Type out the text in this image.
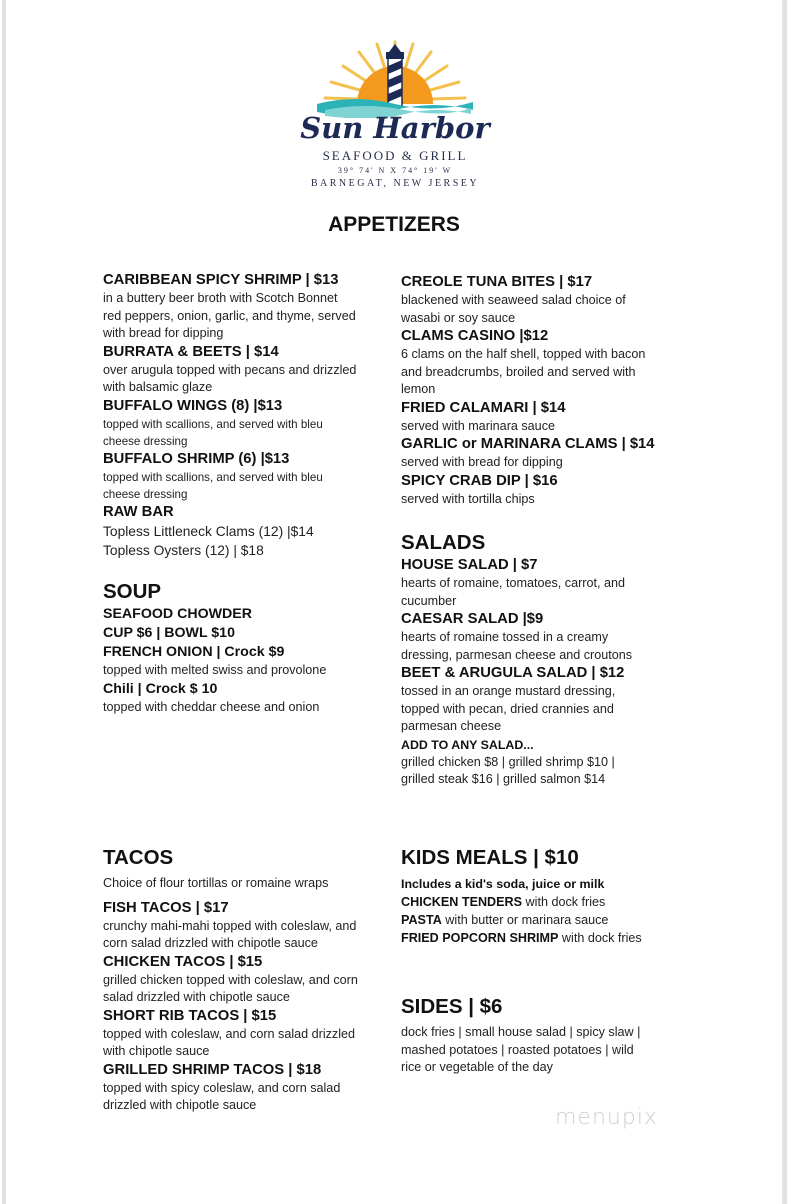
Sun Harbor
SEAFOOD & GRILL
39° 74' N X 74° 19' W
BARNEGAT, NEW JERSEY
APPETIZERS
CARIBBEAN SPICY SHRIMP | $13
in a buttery beer broth with Scotch Bonnet
red peppers, onion, garlic, and thyme, served
with bread for dipping
BURRATA & BEETS | $14
over arugula topped with pecans and drizzled
with balsamic glaze
BUFFALO WINGS (8) |$13
topped with scallions, and served with bleu
cheese dressing
BUFFALO SHRIMP (6) |$13
topped with scallions, and served with bleu
cheese dressing
RAW BAR
Topless Littleneck Clams (12) |$14
Topless Oysters (12) | $18
CREOLE TUNA BITES | $17
blackened with seaweed salad choice of
wasabi or soy sauce
CLAMS CASINO |$12
6 clams on the half shell, topped with bacon
and breadcrumbs, broiled and served with
lemon
FRIED CALAMARI | $14
served with marinara sauce
GARLIC or MARINARA CLAMS | $14
served with bread for dipping
SPICY CRAB DIP | $16
served with tortilla chips
SOUP
SEAFOOD CHOWDER
CUP $6 | BOWL $10
FRENCH ONION | Crock $9
topped with melted swiss and provolone
Chili | Crock $ 10
topped with cheddar cheese and onion
SALADS
HOUSE SALAD | $7
hearts of romaine, tomatoes, carrot, and
cucumber
CAESAR SALAD |$9
hearts of romaine tossed in a creamy
dressing, parmesan cheese and croutons
BEET & ARUGULA SALAD | $12
tossed in an orange mustard dressing,
topped with pecan, dried crannies and
parmesan cheese
ADD TO ANY SALAD...
grilled chicken $8 | grilled shrimp $10 |
grilled steak $16 | grilled salmon $14
TACOS
Choice of flour tortillas or romaine wraps
FISH TACOS | $17
crunchy mahi-mahi topped with coleslaw, and
corn salad drizzled with chipotle sauce
CHICKEN TACOS | $15
grilled chicken topped with coleslaw, and corn
salad drizzled with chipotle sauce
SHORT RIB TACOS | $15
topped with coleslaw, and corn salad drizzled
with chipotle sauce
GRILLED SHRIMP TACOS | $18
topped with spicy coleslaw, and corn salad
drizzled with chipotle sauce
KIDS MEALS | $10
Includes a kid's soda, juice or milk
CHICKEN TENDERS with dock fries
PASTA with butter or marinara sauce
FRIED POPCORN SHRIMP with dock fries
SIDES | $6
dock fries | small house salad | spicy slaw |
mashed potatoes | roasted potatoes | wild
rice or vegetable of the day
menupix
